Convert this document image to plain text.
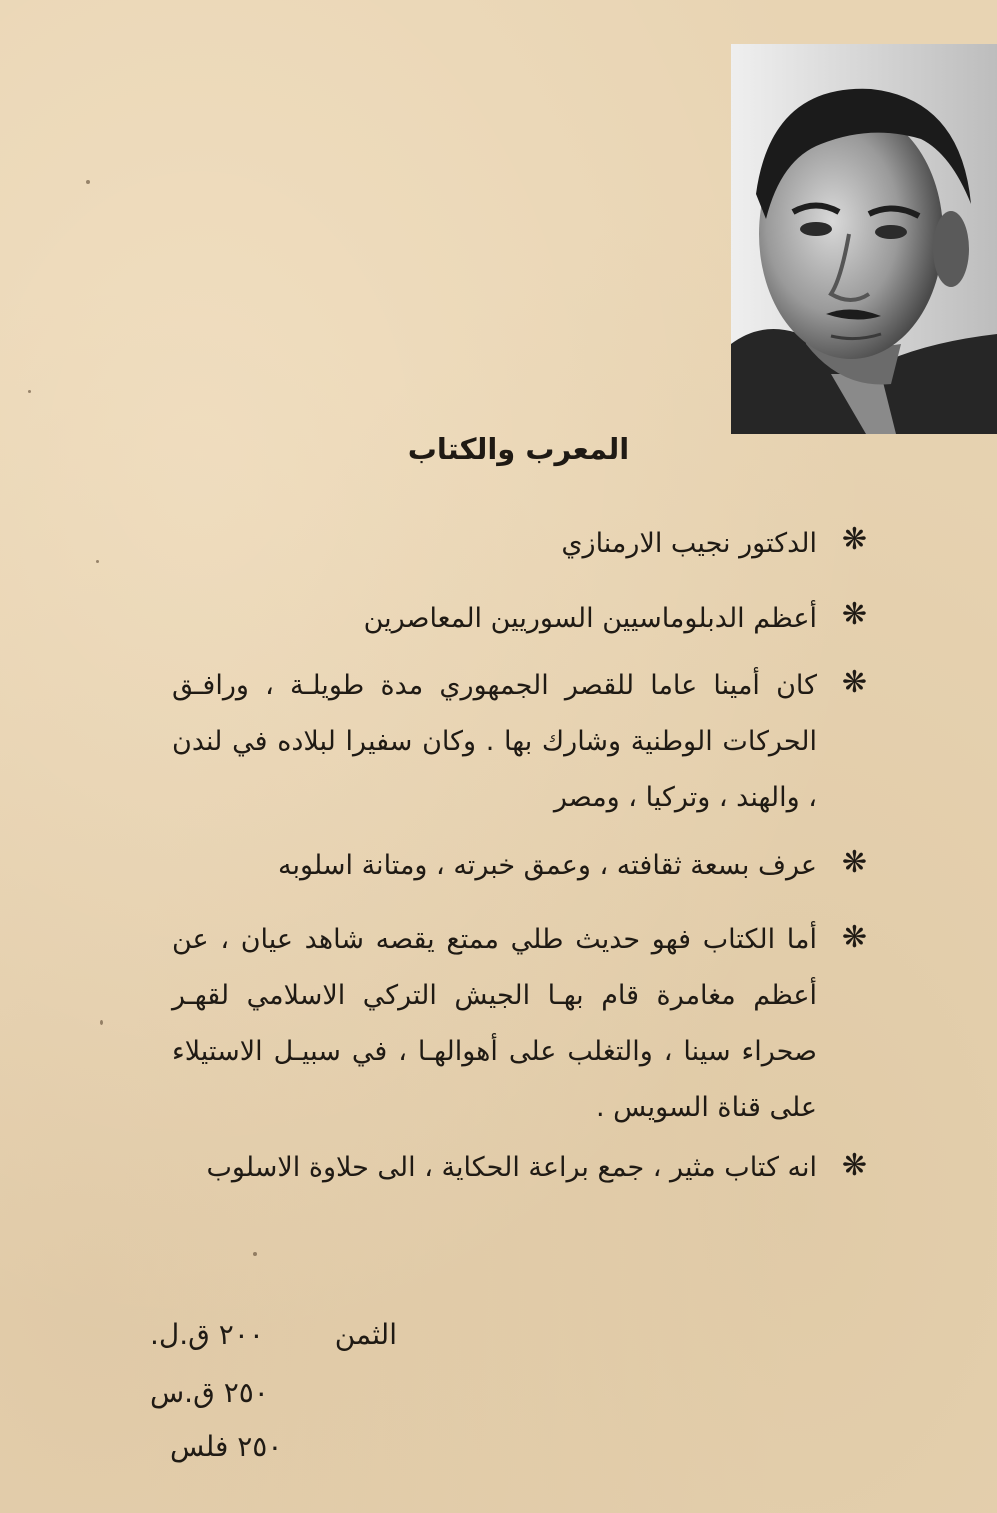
المعرب والكتاب
❋
الدكتور نجيب الارمنازي
❋
أعظم الدبلوماسيين السوريين المعاصرين
❋
كان أمينا عاما للقصر الجمهوري مدة طويلـة ، ورافـق الحركات الوطنية وشارك بها . وكان سفيرا لبلاده في لندن ، والهند ، وتركيا ، ومصر
❋
عرف بسعة ثقافته ، وعمق خبرته ، ومتانة اسلوبه
❋
أما الكتاب فهو حديث طلي ممتع يقصه شاهد عيان ، عن أعظم مغامرة قام بهـا الجيش التركي الاسلامي لقهـر صحراء سينا ، والتغلب على أهوالهـا ، في سبيـل الاستيلاء على قناة السويس .
❋
انه كتاب مثير ، جمع براعة الحكاية ، الى حلاوة الاسلوب
الثمن
٢٠٠ ق.ل.
٢٥٠ ق.س
٢٥٠ فلس
